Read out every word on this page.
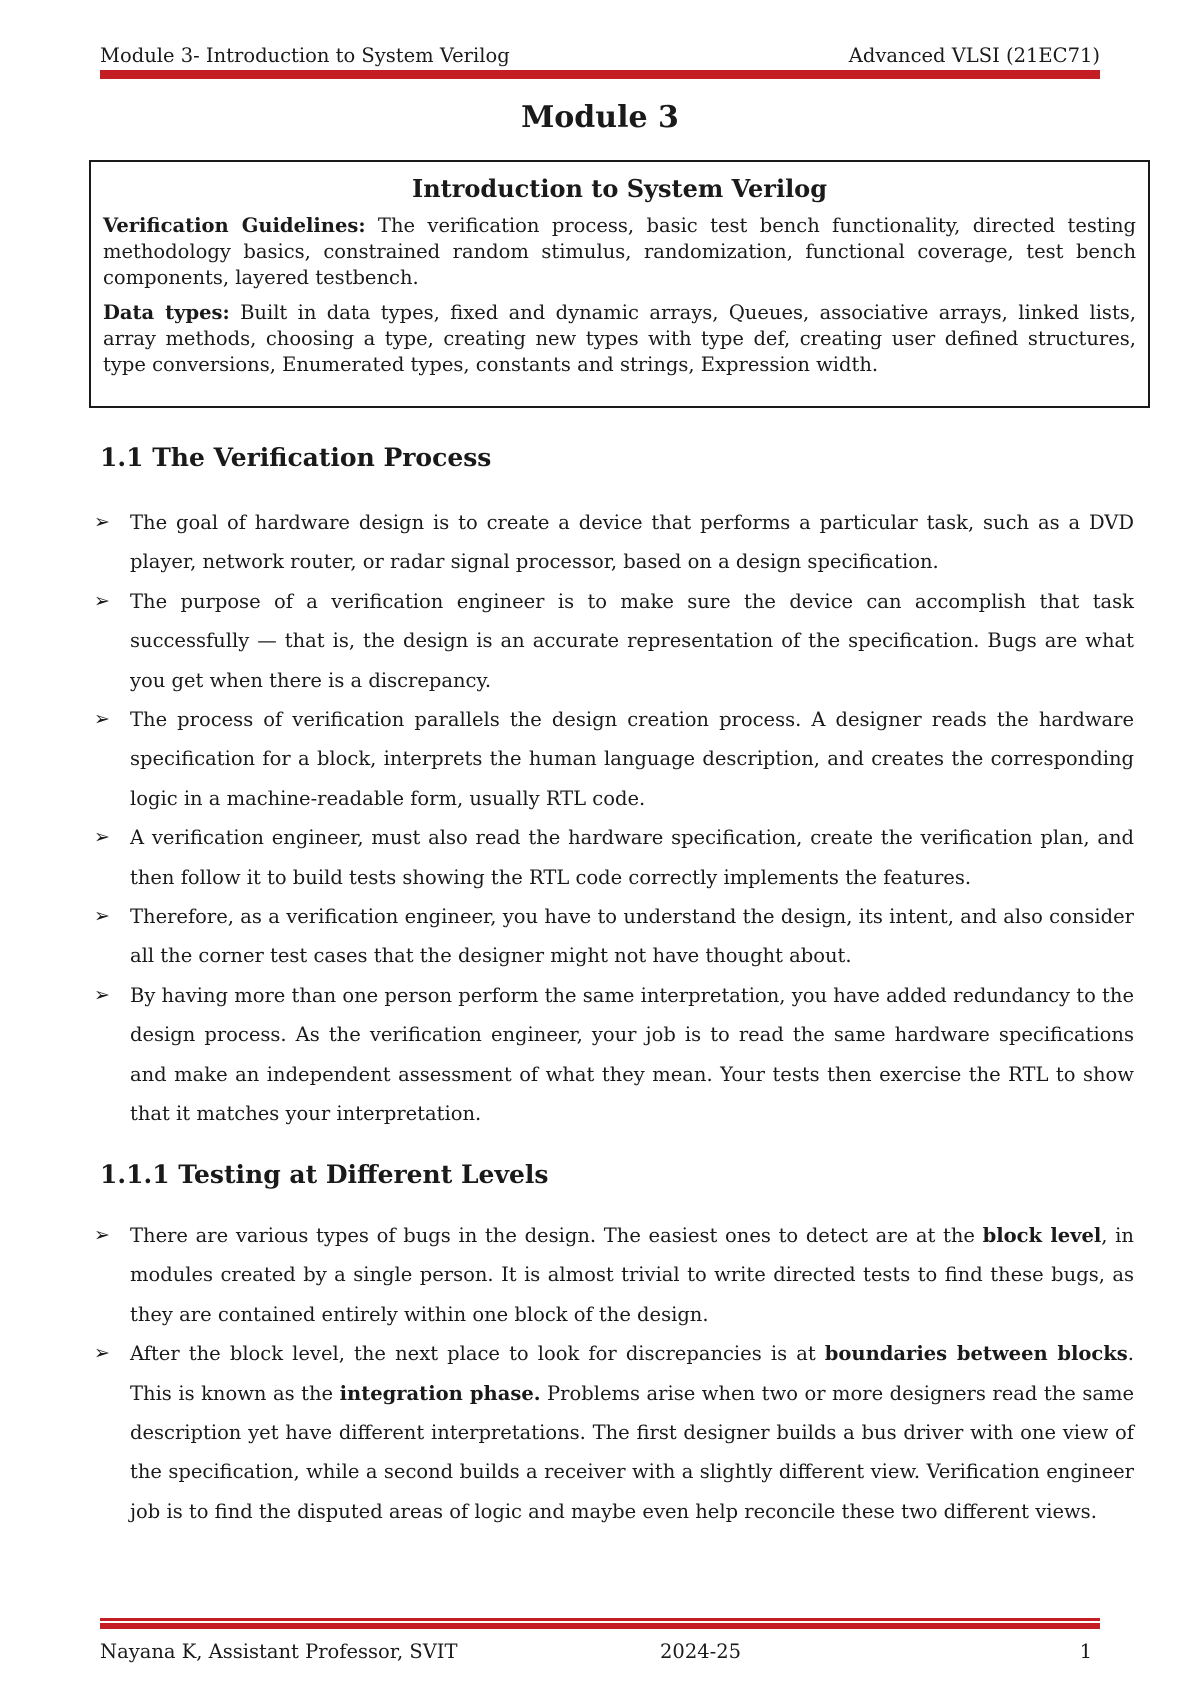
Module 3- Introduction to System Verilog	Advanced VLSI (21EC71)
Module 3
Introduction to System Verilog

Verification Guidelines: The verification process, basic test bench functionality, directed testing methodology basics, constrained random stimulus, randomization, functional coverage, test bench components, layered testbench.

Data types: Built in data types, fixed and dynamic arrays, Queues, associative arrays, linked lists, array methods, choosing a type, creating new types with type def, creating user defined structures, type conversions, Enumerated types, constants and strings, Expression width.

1.1 The Verification Process
➢ The goal of hardware design is to create a device that performs a particular task, such as a DVD player, network router, or radar signal processor, based on a design specification.
➢ The purpose of a verification engineer is to make sure the device can accomplish that task successfully — that is, the design is an accurate representation of the specification. Bugs are what you get when there is a discrepancy.
➢ The process of verification parallels the design creation process. A designer reads the hardware specification for a block, interprets the human language description, and creates the corresponding logic in a machine-readable form, usually RTL code.
➢ A verification engineer, must also read the hardware specification, create the verification plan, and then follow it to build tests showing the RTL code correctly implements the features.
➢ Therefore, as a verification engineer, you have to understand the design, its intent, and also consider all the corner test cases that the designer might not have thought about.
➢ By having more than one person perform the same interpretation, you have added redundancy to the design process. As the verification engineer, your job is to read the same hardware specifications and make an independent assessment of what they mean. Your tests then exercise the RTL to show that it matches your interpretation.
1.1.1 Testing at Different Levels
➢ There are various types of bugs in the design. The easiest ones to detect are at the block level, in modules created by a single person. It is almost trivial to write directed tests to find these bugs, as they are contained entirely within one block of the design.
➢ After the block level, the next place to look for discrepancies is at boundaries between blocks. This is known as the integration phase. Problems arise when two or more designers read the same description yet have different interpretations. The first designer builds a bus driver with one view of the specification, while a second builds a receiver with a slightly different view. Verification engineer job is to find the disputed areas of logic and maybe even help reconcile these two different views.
Nayana K, Assistant Professor, SVIT	2024-25	1
